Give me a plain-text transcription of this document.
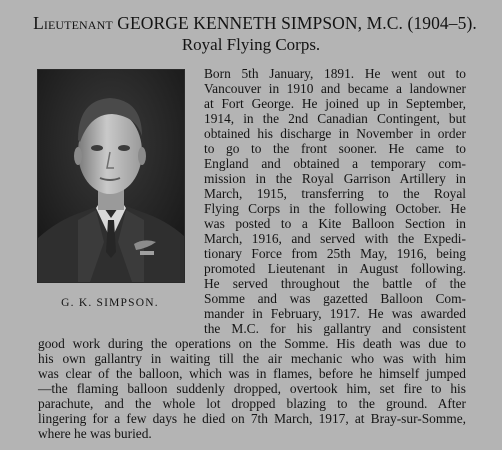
Lieutenant GEORGE KENNETH SIMPSON, M.C. (1904–5).
Royal Flying Corps.
G. K. SIMPSON.
Born 5th January, 1891. He went out to
Vancouver in 1910 and became a landowner
at Fort George. He joined up in September,
1914, in the 2nd Canadian Contingent, but
obtained his discharge in November in order
to go to the front sooner. He came to
England and obtained a temporary com-
mission in the Royal Garrison Artillery in
March, 1915, transferring to the Royal
Flying Corps in the following October. He
was posted to a Kite Balloon Section in
March, 1916, and served with the Expedi-
tionary Force from 25th May, 1916, being
promoted Lieutenant in August following.
He served throughout the battle of the
Somme and was gazetted Balloon Com-
mander in February, 1917. He was awarded
the M.C. for his gallantry and consistent
good work during the operations on the Somme. His death was due to
his own gallantry in waiting till the air mechanic who was with him
was clear of the balloon, which was in flames, before he himself jumped
—the flaming balloon suddenly dropped, overtook him, set fire to his
parachute, and the whole lot dropped blazing to the ground. After
lingering for a few days he died on 7th March, 1917, at Bray-sur-Somme,
where he was buried.
